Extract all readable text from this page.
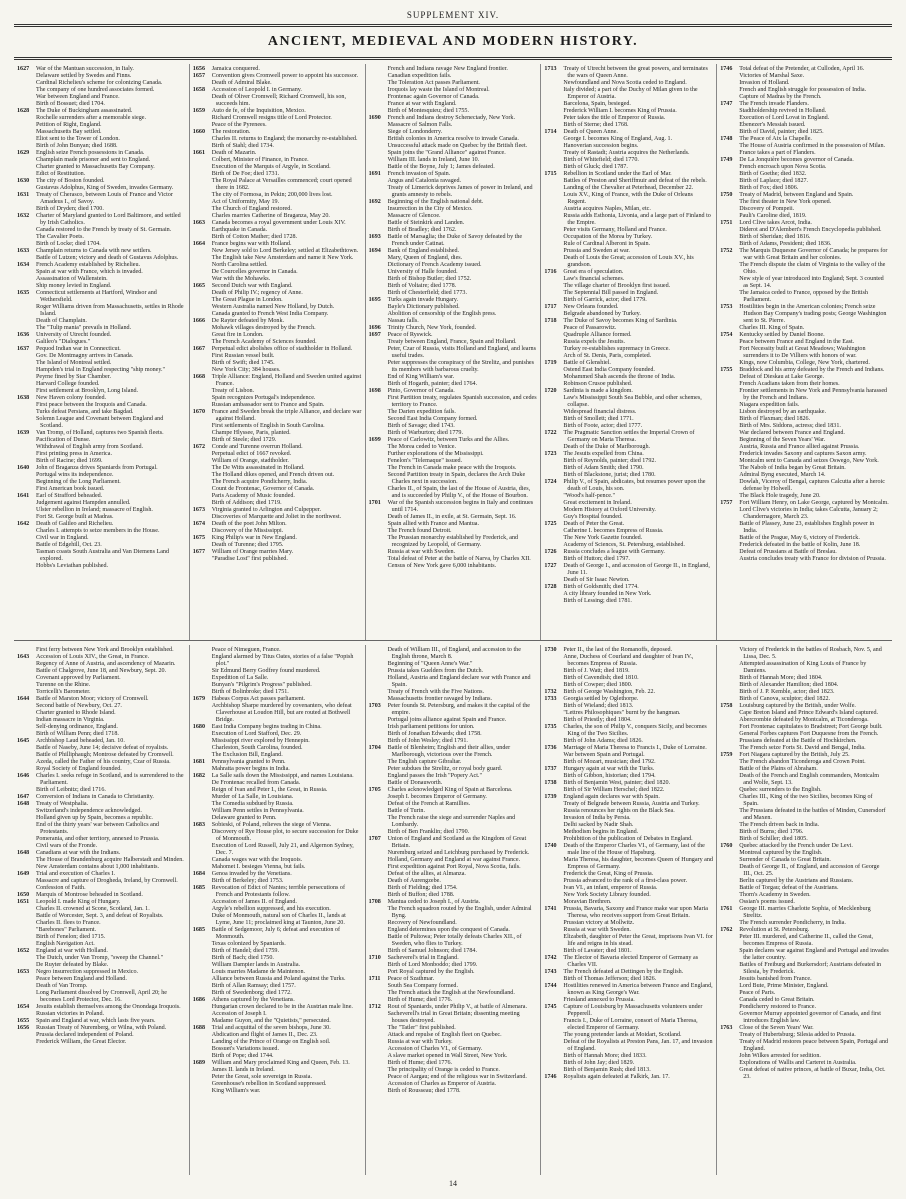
SUPPLEMENT XIV.
ANCIENT, MEDIEVAL AND MODERN HISTORY.
1627	War of the Mantuan succession, in Italy.
Delaware settled by Swedes and Finns.
Cardinal Richelieu's scheme for colonizing Canada.
The company of one hundred associates formed.
War between England and France.
Birth of Bossuet; died 1704.
1628	The Duke of Buckingham assassinated.
Rochelle surrenders after a memorable siege.
Petition of Right, England.
Massachusetts Bay settled.
Eliot sent to the Tower of London.
Birth of John Bunyan; died 1688.
1629	English seize French possessions in Canada.
Champlain made prisoner and sent to England.
Charter granted to Massachusetts Bay Company.
Edict of Restitution.
1630	The city of Boston founded.
Gustavus Adolphus, King of Sweden, invades Germany.
1631	Treaty of Cherasco, between Louis of France and Victor Amadeus I., of Savoy.
Birth of Dryden; died 1700.
1632	Charter of Maryland granted to Lord Baltimore, and settled by Irish Catholics.
Canada restored to the French by treaty of St. Germain.
The Cavalier Poets.
Birth of Locke; died 1704.
1633	Champlain returns to Canada with new settlers.
Battle of Lutzen; victory and death of Gustavus Adolphus.
1634	French Academy established by Richelieu.
Spain at war with France, which is invaded.
Assassination of Wallenstein.
Ship money levied in England.
1635	Connecticut settlements at Hartford, Windsor and Wethersfield.
Roger Williams driven from Massachusetts, settles in Rhode Island.
Death of Champlain.
The "Tulip mania" prevails in Holland.
1636	University of Utrecht founded.
Galileo's "Dialogues."
1637	Pequod Indian war in Connecticut.
Gov. De Montmagny arrives in Canada.
The Island of Montreal settled.
Hampden's trial in England respecting "ship money."
Peyrne fined by Star Chamber.
Harvard College founded.
First settlement at Brooklyn, Long Island.
1638	New Haven colony founded.
First peace between the Iroquois and Canada.
Turks defeat Persians, and take Bagdad.
Solemn League and Covenant between England and Scotland.
1639	Van Tromp, of Holland, captures two Spanish fleets.
Pacification of Dunse.
Withdrawal of English army from Scotland.
First printing press in America.
Birth of Racine; died 1699.
1640	John of Braganza drives Spaniards from Portugal.
Portugal wins its independence.
Beginning of the Long Parliament.
First American book issued.
1641	Earl of Strafford beheaded.
Judgement against Hampden annulled.
Ulster rebellion in Ireland; massacre of English.
Fort St. George built at Madras.
1642	Death of Galileo and Richelieu.
Charles I. attempts to seize members in the House.
Civil war in England.
Battle of Edgehill, Oct. 23.
Tasman coasts South Australia and Van Diemens Land explored.
Hobbs's Leviathan published.
1656	Jamaica conquered.
1657	Convention gives Cromwell power to appoint his successor.
Death of Admiral Blake.
1658	Accession of Leopold I. in Germany.
Death of Oliver Cromwell; Richard Cromwell, his son, succeeds him.
1659	Auto de fe, of the Inquisition, Mexico.
Richard Cromwell resigns title of Lord Protector.
Peace of the Pyrenees.
1660	The restoration.
Charles II. returns to England; the monarchy re-established.
Birth of Stahl; died 1734.
1661	Death of Mazarin.
Colbert, Minister of Finance, in France.
Execution of the Marquis of Argyle, in Scotland.
Birth of De Foe; died 1731.
The Royal Palace at Versailles commenced; court opened there in 1682.
The city of Formosa, in Pekin; 200,000 lives lost.
Act of Uniformity, May 19.
The Church of England restored.
Charles marries Catherine of Braganza, May 20.
1663	Canada becomes a royal government under Louis XIV.
Earthquake in Canada.
Birth of Cotton Mather; died 1728.
1664	France begins war with Holland.
New Jersey sold to Lord Berkeley; settled at Elizabethtown.
The English take New Amsterdam and name it New York.
North Carolina settled.
De Courcelles governor in Canada.
War with the Mohawks.
1665	Second Dutch war with England.
Death of Philip IV.; regency of Anne.
The Great Plague in London.
Western Australia named New Holland, by Dutch.
Canada granted to French West India Company.
1666	De Rayter defeated by Monk.
Mohawk villages destroyed by the French.
Great fire in London.
The French Academy of Sciences founded.
1667	Perpetual edict abolishes office of stadtholder in Holland.
First Russian vessel built.
Birth of Swift; died 1745.
New York City; 384 houses.
1668	Triple Alliance: England, Holland and Sweden united against France.
Treaty of Lisbon.
Spain recognizes Portugal's independence.
Russian ambassador sent to France and Spain.
1670	France and Sweden break the triple Alliance, and declare war against Holland.
First settlements of English in South Carolina.
Champe Hlyssee, Paris, planted.
Birth of Steele; died 1729.
1672	Conde and Turenne overrun Holland.
Perpetual edict of 1667 revoked.
William of Orange, stadtholder.
The De Witts assassinated in Holland.
The Holland dikes opened, and French driven out.
The French acquire Pondicherry, India.
Count de Frontenac, Governor of Canada.
Paris Academy of Music founded.
Birth of Addison; died 1719.
1673	Virginia granted to Arlington and Culpepper.
Discoveries of Marquette and Joliet in the northwest.
1674	Death of the poet John Milton.
Discovery of the Mississippi.
1675	King Philip's war in New England.
Death of Turenne; died 1795.
1677	William of Orange marries Mary.
"Paradise Lost" first published.
French and Indians ravage New England frontier.
Canadian expedition fails.
The Toleration Act passes Parliament.
Iroquois lay waste the Island of Montreal.
Frontenac again Governor of Canada.
France at war with England.
Birth of Montesquieu; died 1755.
1690	French and Indians destroy Schenectady, New York.
Massacre of Salmon Falls.
Siege of Londonderry.
British colonies in America resolve to invade Canada.
Unsuccessful attack made on Quebec by the British fleet.
Spain joins the "Grand Alliance" against France.
William III. lands in Ireland, June 10.
Battle of the Boyne, July 1; James defeated.
1691	French invasion of Spain.
Angus and Catalonia ravaged.
Treaty of Limerick deprives James of power in Ireland, and grants amnesty to rebels.
1692	Beginning of the English national debt.
Insurrection in the City of Mexico.
Massacre of Glencoe.
Battle of Steinkirk and Landen.
Birth of Bradley; died 1762.
1693	Battle of Marsaglia; the Duke of Savoy defeated by the French under Catinat.
1694	Bank of England established.
Mary, Queen of England, dies.
Dictionary of French Academy issued.
University of Halle founded.
Birth of Bishop Butler; died 1752.
Birth of Voltaire; died 1778.
Birth of Chesterfield; died 1773.
1695	Turks again invade Hungary.
Bayle's Dictionary published.
Abolition of censorship of the English press.
Nassau falls.
1696	Trinity Church, New York, founded.
1697	Peace of Ryswick.
Treaty between England, France, Spain and Holland.
Peter, Czar of Russia, visits Holland and England, and learns useful trades.
Peter suppresses the conspiracy of the Strelitz, and punishes its members with barbarous cruelty.
End of King William's war.
Birth of Hogarth, painter; died 1764.
1698	Pinto, Governor of Canada.
First Partition treaty, regulates Spanish succession, and cedes territory to France.
The Darien expedition fails.
Second East India Company formed.
Birth of Savage; died 1743.
Birth of Warburton; died 1779.
1699	Peace of Carlowitz, between Turks and the Allies.
The Morea ceded to Venice.
Further explorations of the Mississippi.
Fenelon's "Telemaque" issued.
The French in Canada make peace with the Iroquois.
Second Partition treaty in Spain, declares the Arch Duke Charles next in succession.
Charles II., of Spain, the last of the House of Austria, dies, and is succeeded by Philip V., of the House of Bourbon.
1701	War of the Spanish succession begins in Italy and continues until 1714.
Death of James II., in exile, at St. Germain, Sept. 16.
Spain allied with France and Mantua.
The French found Detroit.
The Prussian monarchy established by Frederick, and recognized by Leopold, of Germany.
Russia at war with Sweden.
Total defeat of Peter at the battle of Narva, by Charles XII.
Census of New York gave 6,000 inhabitants.
1713	Treaty of Utrecht between the great powers, and terminates the wars of Queen Anne.
Newfoundland and Nova Scotia ceded to England.
Italy divided; a part of the Duchy of Milan given to the Emperor of Austria.
Barcelona, Spain, besieged.
Frederick William I. becomes King of Prussia.
Peter takes the title of Emperor of Russia.
Birth of Sterne; died 1768.
1714	Death of Queen Anne.
George I. becomes King of England, Aug. 1.
Hanoverian succession begins.
Treaty of Rastadt; Austria acquires the Netherlands.
Birth of Whitefield; died 1770.
Birth of Gluck; died 1787.
1715	Rebellion in Scotland under the Earl of Mar.
Battles of Preston and Sheriffmuir and defeat of the rebels.
Landing of the Chevalier at Peterhead, December 22.
Louis XV., King of France, with the Duke of Orleans Regent.
Austria acquires Naples, Milan, etc.
Russia adds Esthonia, Livonia, and a large part of Finland to the Empire.
Peter visits Germany, Holland and France.
Occupation of the Morea by Turkey.
Rule of Cardinal Alberoni in Spain.
Prussia and Sweden at war.
Death of Louis the Great; accession of Louis XV., his grandson.
1716	Great era of speculation.
Law's financial schemes.
The village charter of Brooklyn first issued.
The Septennial Bill passed in England.
Birth of Garrick, actor; died 1779.
1717	New Orleans founded.
Belgrade abandoned by Turkey.
1718	The Duke of Savoy becomes King of Sardinia.
Peace of Passarowitz.
Quadruple Alliance formed.
Russia expels the Jesuits.
Turkey re-establishes supremacy in Greece.
Arch of St. Denis, Paris, completed.
1719	Battle of Glenshiel.
Ostend East India Company founded.
Mohammed Shah ascends the throne of India.
Robinson Crusoe published.
1720	Sardinia is made a kingdom.
Law's Mississippi South Sea Bubble, and other schemes, collapse.
Widespread financial distress.
Birth of Smollett; died 1771.
Birth of Foote, actor; died 1777.
1722	The Pragmatic Sanction settles the Imperial Crown of Germany on Maria Theresa.
Death of the Duke of Marlborough.
1723	The Jesuits expelled from China.
Birth of Reynolds, painter; died 1792.
Birth of Adam Smith; died 1790.
Birth of Blackstone, jurist; died 1780.
1724	Philip V., of Spain, abdicates, but resumes power upon the death of Louis, his son.
"Wood's half-pence."
Great excitement in Ireland.
Modern History at Oxford University.
Guy's Hospital founded.
1725	Death of Peter the Great.
Catherine I. becomes Empress of Russia.
The New York Gazette founded.
Academy of Sciences, St. Petersburg, established.
1726	Russia concludes a league with Germany.
Birth of Hutton; died 1797.
1727	Death of George I., and accession of George II., in England, June 11.
Death of Sir Isaac Newton.
1728	Birth of Goldsmith; died 1774.
A city library founded in New York.
Birth of Lessing; died 1781.
1746	Total defeat of the Pretender, at Culloden, April 16.
Victories of Marshal Saxe.
Invasion of Holland.
French and English struggle for possession of India.
Capture of Madras by the French.
1747	The French invade Flanders.
Stadtholdership revived in Holland.
Execution of Lord Lovat in England.
Ebenezer's Messiah issued.
Birth of David, painter; died 1825.
1748	The Peace of Aix la Chapelle.
The House of Austria confirmed in the possession of Milan.
France takes a part of Flanders.
1749	De La Jonquière becomes governor of Canada.
French encroach upon Nova Scotia.
Birth of Goethe; died 1832.
Birth of Laplace; died 1827.
Birth of Fox; died 1806.
1750	Treaty of Madrid, between England and Spain.
The first theater in New York opened.
Discovery of Pompeii.
Pauli's Caroline died, 1819.
1751	Lord Clive takes Arcot, India.
Diderot and D'Alembert's French Encyclopedia published.
Birth of Sheridan; died 1816.
Birth of Adams, President; died 1836.
1752	The Marquis Duquesne Governor of Canada; he prepares for war with Great Britain and her colonies.
The French dispute the claim of Virginia to the valley of the Ohio.
New style of year introduced into England; Sept. 3 counted as Sept. 14.
The Jamaica ceded to France, opposed by the British Parliament.
1753	Hostilities begin in the American colonies; French seize Hudson Bay Company's trading posts; George Washington sent to St. Pierre.
Charles III. King of Spain.
1754	Kentucky settled by Daniel Boone.
Peace between France and England in the East.
Fort Necessity built at Great Meadows; Washington surrenders it to De Villiers with honors of war.
Kings, now Columbia, College, New York, chartered.
1755	Braddock and his army defeated by the French and Indians.
Defeat of Dieskau at Lake George.
French Acadians taken from their homes.
Frontier settlements in New York and Pennsylvania harassed by the French and Indians.
Niagara expedition fails.
Lisbon destroyed by an earthquake.
Birth of Flaxman; died 1826.
Birth of Mrs. Siddons, actress; died 1831.
War declared between France and England.
Beginning of the Seven Years' War.
Austria, Russia and France allied against Prussia.
Frederick invades Saxony and captures Saxon army.
Montcalm sent to Canada and seizes Oswego, New York.
The Nabob of India began by Great Britain.
Admiral Byng executed, March 14.
Dowlah, Viceroy of Bengal, captures Calcutta after a heroic defense by Holwell.
The Black Hole tragedy, June 20.
1757	Fort William Henry, on Lake George, captured by Montcalm.
Lord Clive's victories in India; takes Calcutta, January 2; Chandernagore, March 23.
Battle of Plassey, June 23, establishes English power in India.
Battle of the Prague, May 6, victory of Frederick.
Frederick defeated in the battle of Kolin, June 18.
Defeat of Prussians at Battle of Breslau.
Austria concludes treaty with France for division of Prussia.
First ferry between New York and Brooklyn established.
1643	Accession of Louis XIV., the Great, in France.
Regency of Anne of Austria, and ascendency of Mazarin.
Battle of Chalgrove, June 18, and Newbury, Sept. 20.
Covenant approved by Parliament.
Turenne on the Rhine.
Torricelli's Barometer.
1644	Battle of Marston Moor; victory of Cromwell.
Second battle of Newbury, Oct. 27.
Charter granted to Rhode Island.
Indian massacre in Virginia.
Self-denying ordinance, England.
Birth of William Penn; died 1718.
1645	Archbishop Laud beheaded, Jan. 10.
Battle of Naseby, June 14; decisive defeat of royalists.
Battle of Philliphaugh; Montrose defeated by Cromwell.
Azeda, called the Father of his country, Czar of Russia.
Royal Society of England founded.
1646	Charles I. seeks refuge in Scotland, and is surrendered to the Parliament.
Birth of Leibnitz; died 1716.
1647	Conversion of Indians in Canada to Christianity.
1648	Treaty of Westphalia.
Switzerland's independence acknowledged.
Holland given up by Spain, becomes a republic.
End of the thirty years' war between Catholics and Protestants.
Pomerania, and other territory, annexed to Prussia.
Civil wars of the Fronde.
1648	Canadians at war with the Indians.
The House of Brandenburg acquire Halberstadt and Minden.
New Amsterdam contains about 1,000 inhabitants.
1649	Trial and execution of Charles I.
Massacre and capture of Drogheda, Ireland, by Cromwell.
Confession of Faith.
1650	Marquis of Montrose beheaded in Scotland.
1651	Leopold I. made King of Hungary.
Charles II. crowned at Scone, Scotland, Jan. 1.
Battle of Worcester, Sept. 3, and defeat of Royalists.
Charles II. flees to France.
"Barebones" Parliament.
Birth of Fenelon; died 1715.
English Navigation Act.
1652	England at war with Holland.
The Dutch, under Van Tromp, "sweep the Channel."
De Ruyter defeated by Blake.
1653	Negro insurrection suppressed in Mexico.
Peace between England and Holland.
Death of Van Tromp.
Long Parliament dissolved by Cromwell, April 20; he becomes Lord Protector, Dec. 16.
1654	Jesuits establish themselves among the Onondaga Iroquois.
Russian victories in Poland.
1655	Spain and England at war, which lasts five years.
1656	Russian Treaty of Nuremberg, or Wilna, with Poland.
Prussia declared independent of Poland.
Frederick William, the Great Elector.
Peace of Nimeguen, France.
England alarmed by Titus Oates, stories of a false "Popish plot."
Sir Edmund Berry Godfrey found murdered.
Expedition of La Salle.
Bunyan's "Pilgrim's Progress" published.
Birth of Bolinbroke; died 1751.
1679	Habeas Corpus Act passes parliament.
Archbishop Sharpe murdered by covenanters, who defeat Claverhouse at Loudon Hill, but are routed at Bothwell Bridge.
1680	East India Company begins trading in China.
Execution of Lord Stafford, Dec. 29.
Mississippi river explored by Hennepin.
Charleston, South Carolina, founded.
The Exclusion Bill, England.
1681	Pennsylvania granted to Penn.
Mahratta power begins in India.
1682	La Salle sails down the Mississippi, and names Louisiana.
De Frontenac recalled from Canada.
Reign of Ivan and Peter I., the Great, in Russia.
Murder of La Salle, in Louisiana.
The Comedia subdued by Russia.
William Penn settles in Pennsylvania.
Delaware granted to Penn.
1683	Sobieski, of Poland, relieves the siege of Vienna.
Discovery of Rye House plot, to secure succession for Duke of Monmouth.
Execution of Lord Russell, July 21, and Algernon Sydney, Dec. 7.
Canada wages war with the Iroquois.
Mahomet I. besieges Vienna, but fails.
1684	Genoa invaded by the Venetians.
Birth of Berkeley; died 1753.
1685	Revocation of Edict of Nantes; terrible persecutions of French and Protestants follow.
Accession of James II. of England.
Argyle's rebellion suppressed, and his execution.
Duke of Monmouth, natural son of Charles II., lands at Lyme, June 11; proclaimed king at Taunton, June 20.
1685	Battle of Sedgemoor, July 6; defeat and execution of Monmouth.
Texas colonized by Spaniards.
Birth of Handel; died 1759.
Birth of Bach; died 1750.
William Dampier lands in Australia.
Louis marries Madame de Maintenon.
Alliance between Russia and Poland against the Turks.
Birth of Allan Ramsay; died 1757.
Birth of Swedenborg; died 1772.
1686	Athens captured by the Venetians.
Hungarian crown declared to be in the Austrian male line.
Accession of Joseph I.
Madame Guyon, and the "Quietists," persecuted.
1688	Trial and acquittal of the seven bishops, June 30.
Abdication and flight of James II., Dec. 23.
Landing of the Prince of Orange on English soil.
Bossuet's Variations issued.
Birth of Pope; died 1744.
1689	William and Mary proclaimed King and Queen, Feb. 13.
James II. lands in Ireland.
Peter the Great, sole sovereign in Russia.
Greenhouse's rebellion in Scotland suppressed.
King William's war.
Death of William III., of England, and accession to the English throne, March 8.
Beginning of "Queen Anne's War."
Prussia takes Guelders from the Dutch.
Holland, Austria and England declare war with France and Spain.
Treaty of French with the Five Nations.
Massachusetts frontier ravaged by Indians.
1703	Peter founds St. Petersburg, and makes it the capital of the empire.
Portugal joins alliance against Spain and France.
Irish parliament petitions for union.
Birth of Jonathan Edwards; died 1758.
Birth of John Wesley; died 1791.
1704	Battle of Blenheim; English and their allies, under Marlborough, victorious over the French.
The English capture Gibraltar.
Peter subdues the Strelitz, or royal body guard.
England passes the Irish "Popery Act."
Battle of Donauworth.
1705	Charles acknowledged King of Spain at Barcelona.
Joseph I. becomes Emperor of Germany.
Defeat of the French at Ramillies.
Battle of Turin.
The French raise the siege and surrender Naples and Lombardy.
Birth of Ben Franklin; died 1790.
1707	Union of England and Scotland as the Kingdom of Great Britain.
Nuremburg seized and Leichburg purchased by Frederick.
Holland, Germany and England at war against France.
First expedition against Port Royal, Nova Scotia, fails.
Defeat of the allies, at Almanza.
Death of Aurengzebe.
Birth of Fielding; died 1754.
Birth of Buffon; died 1788.
1708	Mantua ceded to Joseph I., of Austria.
The French squadron routed by the English, under Admiral Byng.
Recovery of Newfoundland.
England determines upon the conquest of Canada.
Battle of Pultowa; Peter totally defeats Charles XII., of Sweden, who flies to Turkey.
Birth of Samuel Johnson; died 1784.
1710	Sacheverel's trial in England.
Birth of Lord Monboddo; died 1799.
Port Royal captured by the English.
1711	Peace of Szathmar.
South Sea Company formed.
The French attack the English at the Newfoundland.
Birth of Hume; died 1776.
1712	Rout of Spaniards, under Philip V., at battle of Almenara.
Sacheverell's trial in Great Britain; dissenting meeting houses destroyed.
The "Tatler" first published.
Attack and repulse of English fleet on Quebec.
Russia at war with Turkey.
Accession of Charles VI., of Germany.
A slave market opened in Wall Street, New York.
Birth of Hume; died 1776.
The principality of Orange is ceded to France.
Peace of Aargau; end of the religious war in Switzerland.
Accession of Charles as Emperor of Austria.
Birth of Rousseau; died 1778.
1730	Peter II., the last of the Romanoffs, deposed.
Anne, Duchess of Courland and daughter of Ivan IV., becomes Empress of Russia.
Birth of J. Watt; died 1819.
Birth of Cavendish; died 1810.
Birth of Cowper; died 1800.
1732	Birth of George Washington, Feb. 22.
1733	Georgia settled by Oglethorpe.
Birth of Wieland; died 1813.
"Lettres Philosophiques" burnt by the hangman.
Birth of Priestly; died 1804.
1735	Charles, the son of Philip V., conquers Sicily, and becomes King of the Two Sicilies.
Birth of John Adams; died 1826.
1736	Marriage of Maria Theresa to Francis I., Duke of Lorraine.
War between Spain and Portugal.
Birth of Mozart, musician; died 1792.
1737	Hungary again at war with the Turks.
Birth of Gibbon, historian; died 1794.
1738	Birth of Benjamin West, painter; died 1820.
Birth of Sir William Herschel; died 1822.
1739	England again declares war with Spain.
Treaty of Belgrade between Russia, Austria and Turkey.
Russia renounces her rights on the Black Sea.
Invasion of India by Persia.
Delhi sacked by Nadir Shah.
Methodism begins in England.
Prohibition of the publication of Debates in England.
1740	Death of the Emperor Charles VI., of Germany, last of the male line of the House of Hapsburg.
Maria Theresa, his daughter, becomes Queen of Hungary and Empress of Germany.
Frederick the Great, King of Prussia.
Prussia advanced to the rank of a first-class power.
Ivan VI., an infant, emperor of Russia.
New York Society Library founded.
Moravian Brethren.
1741	Prussia, Bavaria, Saxony and France make war upon Maria Theresa, who receives support from Great Britain.
Prussian victory at Mollwitz.
Russia at war with Sweden.
Elizabeth, daughter of Peter the Great, imprisons Ivan VI. for life and reigns in his stead.
Birth of Lavater; died 1801.
1742	The Elector of Bavaria elected Emperor of Germany as Charles VII.
1743	The French defeated at Dettingen by the English.
Birth of Thomas Jefferson; died 1826.
1744	Hostilities renewed in America between France and England, known as King George's War.
Friesland annexed to Prussia.
1745	Capture of Louisburg by Massachusetts volunteers under Pepperell.
Francis I., Duke of Lorraine, consort of Maria Theresa, elected Emperor of Germany.
The young pretender lands at Moidart, Scotland.
Defeat of the Royalists at Preston Pans, Jan. 17, and invasion of England.
Birth of Hannah More; died 1833.
Birth of John Jay; died 1829.
Birth of Benjamin Rush; died 1813.
1746	Royalists again defeated at Falkirk, Jan. 17.
Victory of Frederick in the battles of Rosbach, Nov. 5, and Lissa, Dec. 5.
Attempted assassination of King Louis of France by Damiens.
Birth of Hannah More; died 1804.
Birth of Alexander Hamilton; died 1804.
Birth of J. P. Kemble, actor; died 1823.
Birth of Canova, sculptor; died 1822.
1758	Louisburg captured by the British, under Wolfe.
Cape Breton Island and Prince Edward's Island captured.
Abercrombie defeated by Montcalm, at Ticonderoga.
Fort Frontenac capitulates to Bradstreet; Fort George built.
General Forbes captures Fort Duquesne from the French.
Prussians defeated at the Battle of Hochkirchen.
The French seize Forts St. David and Bengal, India.
1759	Fort Niagara captured by the British, July 25.
The French abandon Ticonderoga and Crown Point.
Battle of the Plains of Abraham.
Death of the French and English commanders, Montcalm and Wolfe, Sept. 13.
Quebec surrenders to the English.
Charles III., King of the two Sicilies, becomes King of Spain.
The Prussians defeated in the battles of Minden, Cunersdorf and Maxen.
The French driven back in India.
Birth of Burns; died 1796.
Birth of Schiller; died 1805.
1760	Quebec attacked by the French under De Levi.
Montreal captured by the English.
Surrender of Canada to Great Britain.
Death of George II., of England, and accession of George III., Oct. 25.
Berlin captured by the Austrians and Russians.
Battle of Torgau; defeat of the Austrians.
Thorn's Academy in Sweden.
Ossian's poems issued.
1761	George III. marries Charlotte Sophia, of Mecklenburg Strelitz.
The French surrender Pondicherry, in India.
1762	Revolution at St. Petersburg.
Peter III. murdered, and Catherine II., called the Great, becomes Empress of Russia.
Spain declares war against England and Portugal and invades the latter country.
Battles of Freiburg and Burkersdorf; Austrians defeated in Silesia, by Frederick.
Jesuits banished from France.
Lord Bute, Prime Minister, England.
Peace of Paris.
Canada ceded to Great Britain.
Pondicherry restored to France.
Governor Murray appointed governor of Canada, and first introduces English law.
1763	Close of the Seven Years' War.
Treaty of Hubertsburg; Silesia added to Prussia.
Treaty of Madrid restores peace between Spain, Portugal and England.
John Wilkes arrested for sedition.
Explorations of Wallis and Carteret in Australia.
Great defeat of native princes, at battle of Buxar, India, Oct. 23.
14
